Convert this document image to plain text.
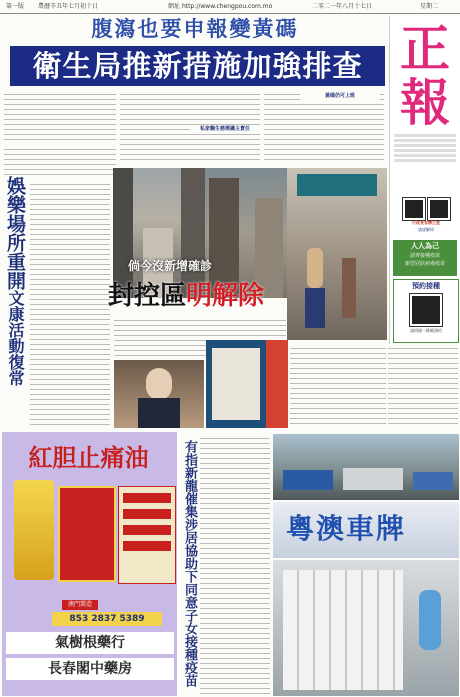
第一版 農曆辛丑年七月初十日	網址 http://www.chengpou.com.mo	二零二一年八月十七日	星期二
腹瀉也要申報變黃碼
衛生局推新措施加強排查 正報
行政長官辦公室
請速解掃
人人為己
請齊接種疫苗
新型冠狀病毒疫苗
預約接種
請掃描二維碼預約
私家醫生務需識主責任
黃碼仍可上班
娛樂場所重開
文康活動復常
倘今沒新增確診
封控區明解除
紅胆止痛油
澳門製造
853 2837 5389
氣樹根藥行
長春閣中藥房	有指新龍催集涉居協助下同意子女接種疫苗	粵澳車牌
